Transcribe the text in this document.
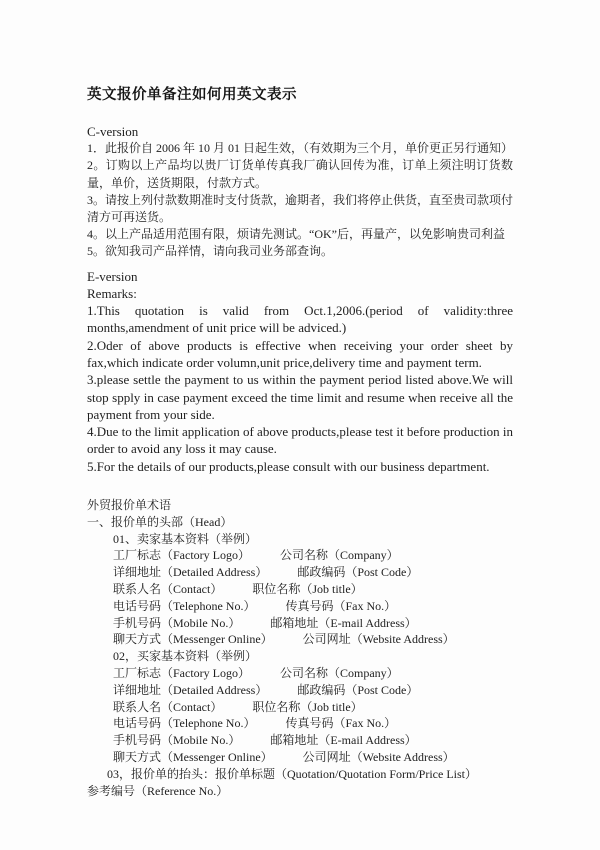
英文报价单备注如何用英文表示
C-version

1．此报价自 2006 年 10 月 01 日起生效，（有效期为三个月，单价更正另行通知）

2。订购以上产品均以贵厂订货单传真我厂确认回传为准，订单上须注明订货数量，单价，送货期限，付款方式。

3。请按上列付款数期准时支付货款，逾期者，我们将停止供货，直至贵司款项付清方可再送货。

4。以上产品适用范围有限，烦请先测试。“OK”后，再量产，以免影响贵司利益

5。欲知我司产品祥情，请向我司业务部查询。

E-version
Remarks:

1.This quotation is valid from Oct.1,2006.(period of validity:three months,amendment of unit price will be adviced.)

2.Oder of above products is effective when receiving your order sheet by fax,which indicate order volumn,unit price,delivery time and payment term.

3.please settle the payment to us within the payment period listed above.We will stop spply in case payment exceed the time limit and resume when receive all the payment from your side.

4.Due to the limit application of above products,please test it before production in order to avoid any loss it may cause.

5.For the details of our products,please consult with our business department.

外贸报价单术语
一、报价单的头部（Head）
01、卖家基本资料（举例）
工厂标志（Factory Logo）	公司名称（Company）
详细地址（Detailed Address）	邮政编码（Post Code）
联系人名（Contact）	职位名称（Job title）
电话号码（Telephone No.）	传真号码（Fax No.）
手机号码（Mobile No.）	邮箱地址（E-mail Address）
聊天方式（Messenger Online）	公司网址（Website Address）
02，买家基本资料（举例）
工厂标志（Factory Logo）	公司名称（Company）
详细地址（Detailed Address）	邮政编码（Post Code）
联系人名（Contact）	职位名称（Job title）
电话号码（Telephone No.）	传真号码（Fax No.）
手机号码（Mobile No.）	邮箱地址（E-mail Address）
聊天方式（Messenger Online）	公司网址（Website Address）
03，报价单的抬头：报价单标题（Quotation/Quotation Form/Price List）
参考编号（Reference No.）
